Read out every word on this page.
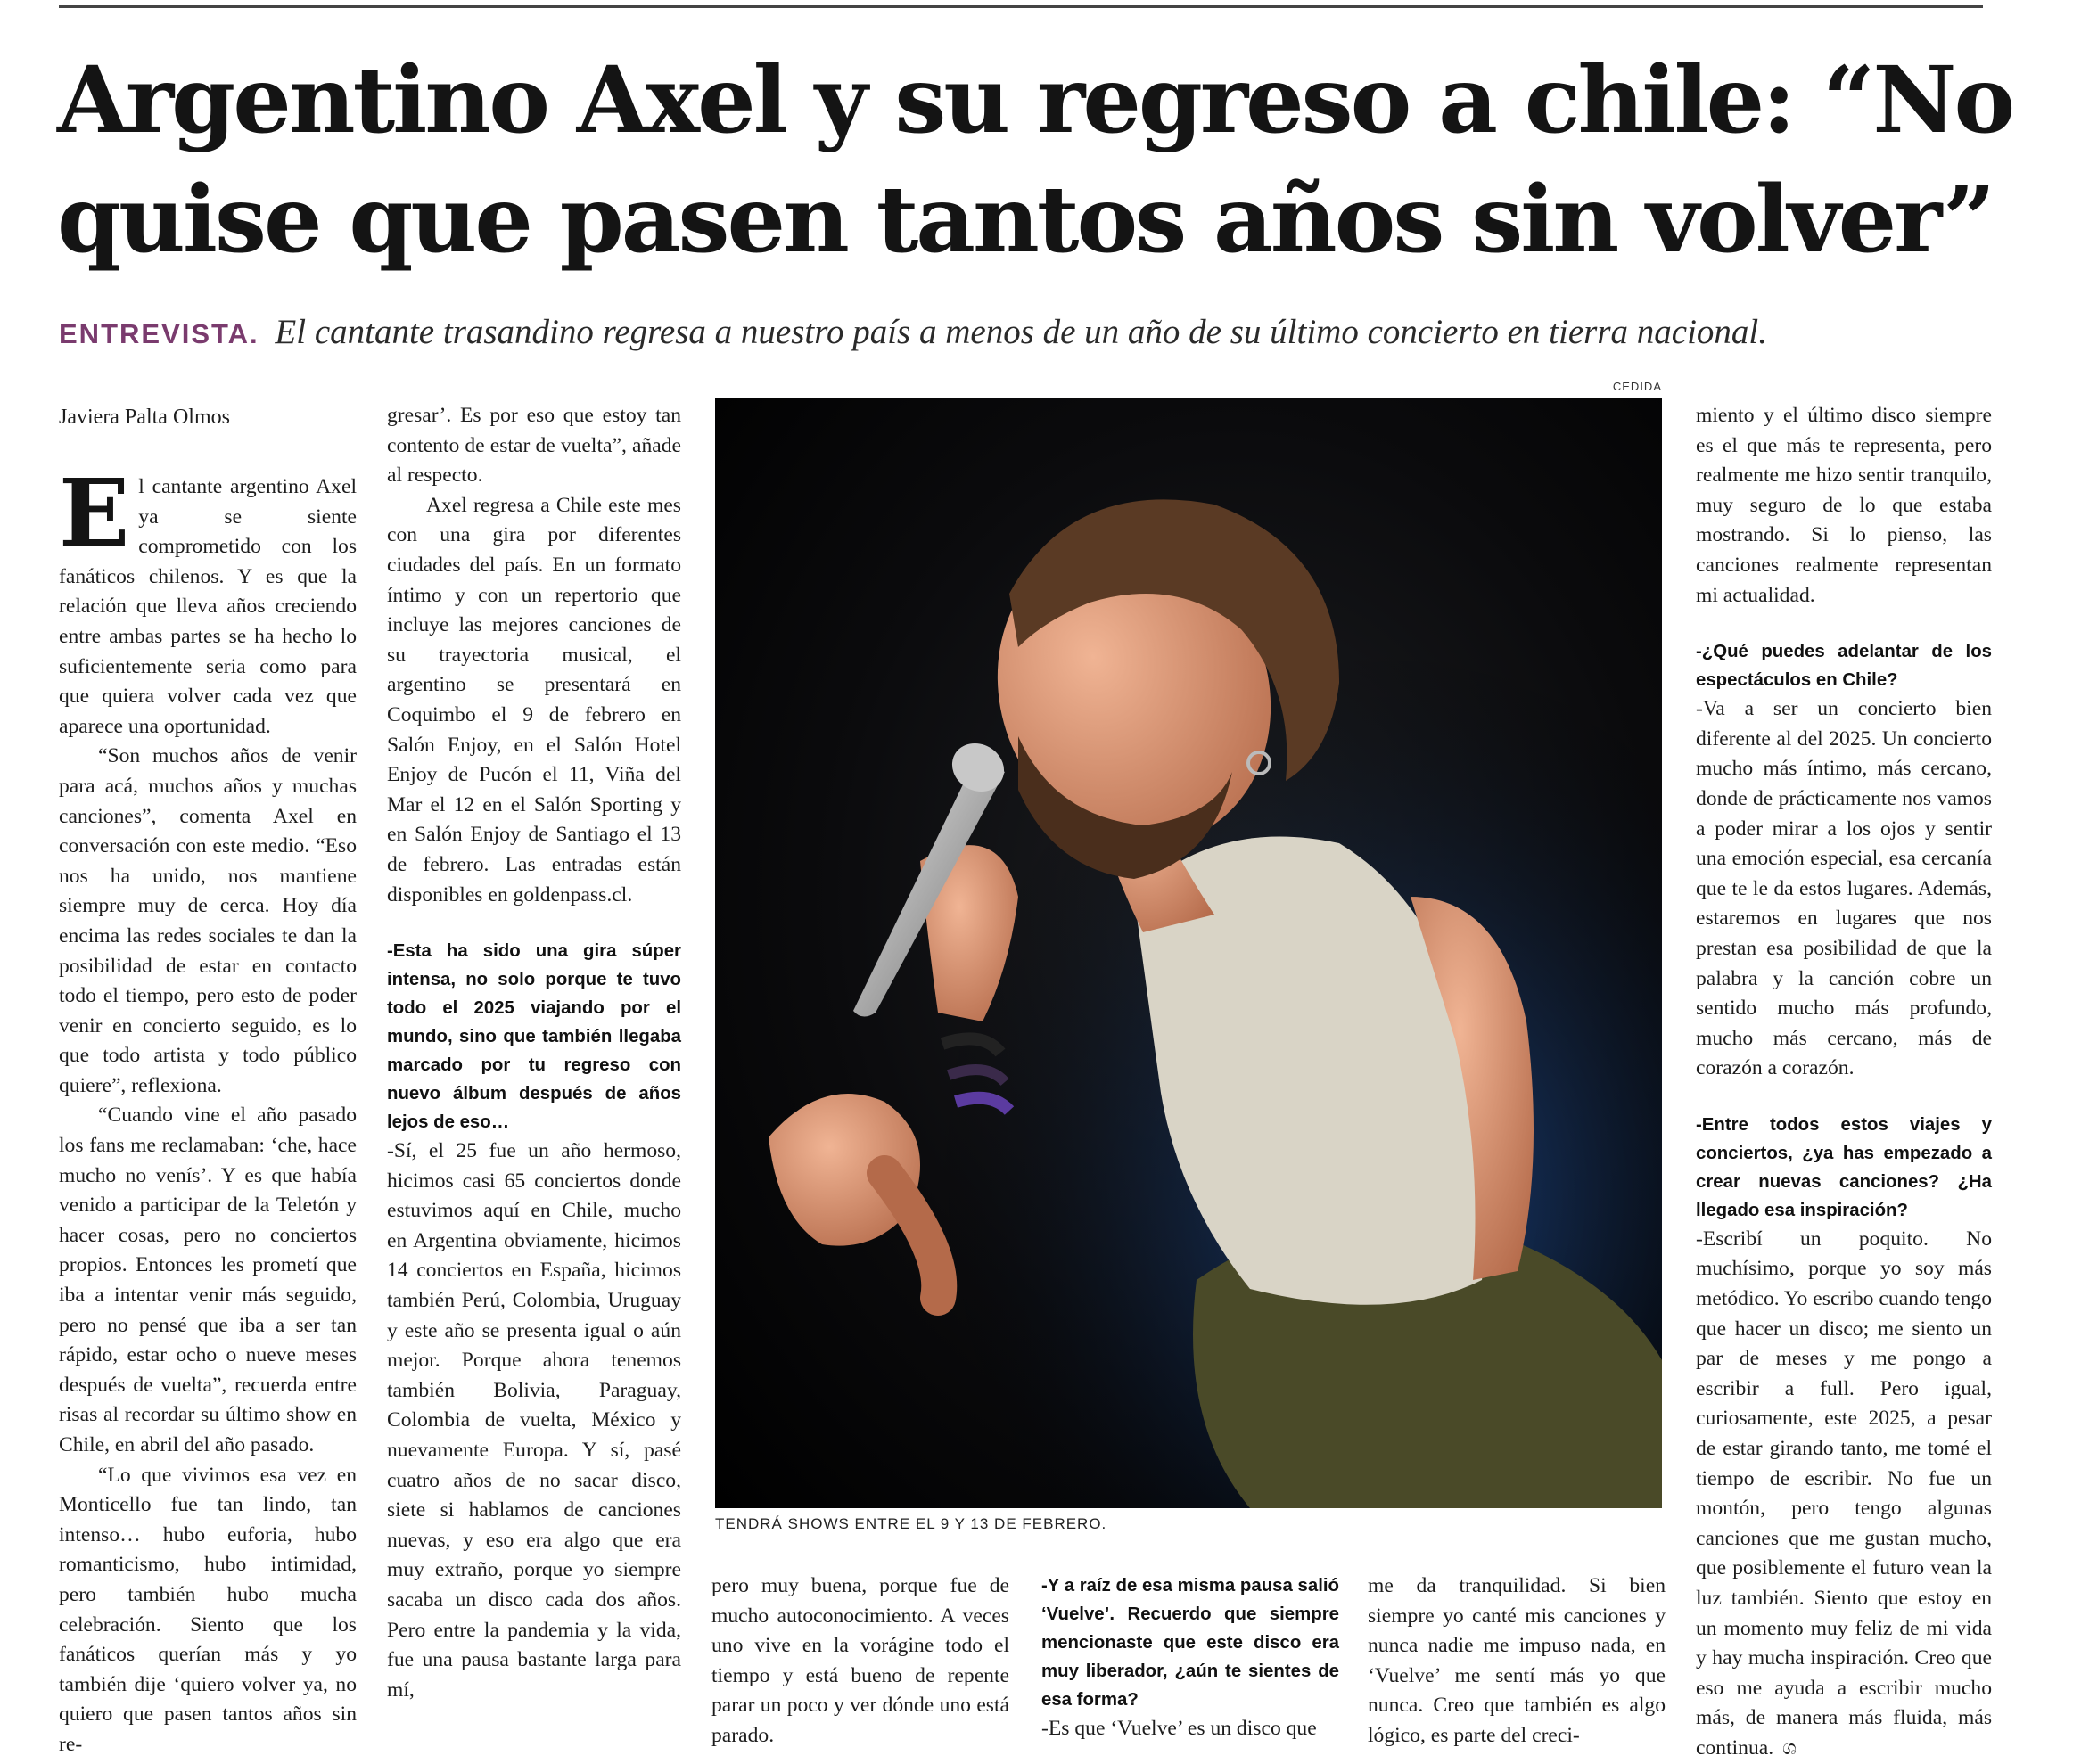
Argentino Axel y su regreso a chile: “No quise que pasen tantos años sin volver”
ENTREVISTA. El cantante trasandino regresa a nuestro país a menos de un año de su último concierto en tierra nacional.

Javiera Palta Olmos

El cantante argentino Axel ya se siente comprometido con los fanáticos chilenos. Y es que la relación que lleva años creciendo entre ambas partes se ha hecho lo suficientemente seria como para que quiera volver cada vez que aparece una oportunidad.

“Son muchos años de venir para acá, muchos años y muchas canciones”, comenta Axel en conversación con este medio. “Eso nos ha unido, nos mantiene siempre muy de cerca. Hoy día encima las redes sociales te dan la posibilidad de estar en contacto todo el tiempo, pero esto de poder venir en concierto seguido, es lo que todo artista y todo público quiere”, reflexiona.

“Cuando vine el año pasado los fans me reclamaban: ‘che, hace mucho no venís’. Y es que había venido a participar de la Teletón y hacer cosas, pero no conciertos propios. Entonces les prometí que iba a intentar venir más seguido, pero no pensé que iba a ser tan rápido, estar ocho o nueve meses después de vuelta”, recuerda entre risas al recordar su último show en Chile, en abril del año pasado.

“Lo que vivimos esa vez en Monticello fue tan lindo, tan intenso… hubo euforia, hubo romanticismo, hubo intimidad, pero también hubo mucha celebración. Siento que los fanáticos querían más y yo también dije ‘quiero volver ya, no quiero que pasen tantos años sin re-

gresar’. Es por eso que estoy tan contento de estar de vuelta”, añade al respecto.

Axel regresa a Chile este mes con una gira por diferentes ciudades del país. En un formato íntimo y con un repertorio que incluye las mejores canciones de su trayectoria musical, el argentino se presentará en Coquimbo el 9 de febrero en Salón Enjoy, en el Salón Hotel Enjoy de Pucón el 11, Viña del Mar el 12 en el Salón Sporting y en Salón Enjoy de Santiago el 13 de febrero. Las entradas están disponibles en goldenpass.cl.

-Esta ha sido una gira súper intensa, no solo porque te tuvo todo el 2025 viajando por el mundo, sino que también llegaba marcado por tu regreso con nuevo álbum después de años lejos de eso…

-Sí, el 25 fue un año hermoso, hicimos casi 65 conciertos donde estuvimos aquí en Chile, mucho en Argentina obviamente, hicimos 14 conciertos en España, hicimos también Perú, Colombia, Uruguay y este año se presenta igual o aún mejor. Porque ahora tenemos también Bolivia, Paraguay, Colombia de vuelta, México y nuevamente Europa. Y sí, pasé cuatro años de no sacar disco, siete si hablamos de canciones nuevas, y eso era algo que era muy extraño, porque yo siempre sacaba un disco cada dos años. Pero entre la pandemia y la vida, fue una pausa bastante larga para mí,

CEDIDA
TENDRÁ SHOWS ENTRE EL 9 Y 13 DE FEBRERO.

pero muy buena, porque fue de mucho autoconocimiento. A veces uno vive en la vorágine todo el tiempo y está bueno de repente parar un poco y ver dónde uno está parado.

-Y a raíz de esa misma pausa salió ‘Vuelve’. Recuerdo que siempre mencionaste que este disco era muy liberador, ¿aún te sientes de esa forma?

-Es que ‘Vuelve’ es un disco que

me da tranquilidad. Si bien siempre yo canté mis canciones y nunca nadie me impuso nada, en ‘Vuelve’ me sentí más yo que nunca. Creo que también es algo lógico, es parte del creci-

miento y el último disco siempre es el que más te representa, pero realmente me hizo sentir tranquilo, muy seguro de lo que estaba mostrando. Si lo pienso, las canciones realmente representan mi actualidad.

-¿Qué puedes adelantar de los espectáculos en Chile?

-Va a ser un concierto bien diferente al del 2025. Un concierto mucho más íntimo, más cercano, donde de prácticamente nos vamos a poder mirar a los ojos y sentir una emoción especial, esa cercanía que te le da estos lugares. Además, estaremos en lugares que nos prestan esa posibilidad de que la palabra y la canción cobre un sentido mucho más profundo, mucho más cercano, más de corazón a corazón.

-Entre todos estos viajes y conciertos, ¿ya has empezado a crear nuevas canciones? ¿Ha llegado esa inspiración?

-Escribí un poquito. No muchísimo, porque yo soy más metódico. Yo escribo cuando tengo que hacer un disco; me siento un par de meses y me pongo a escribir a full. Pero igual, curiosamente, este 2025, a pesar de estar girando tanto, me tomé el tiempo de escribir. No fue un montón, pero tengo algunas canciones que me gustan mucho, que posiblemente el futuro vean la luz también. Siento que estoy en un momento muy feliz de mi vida y hay mucha inspiración. Creo que eso me ayuda a escribir mucho más, de manera más fluida, más continua. ශ
